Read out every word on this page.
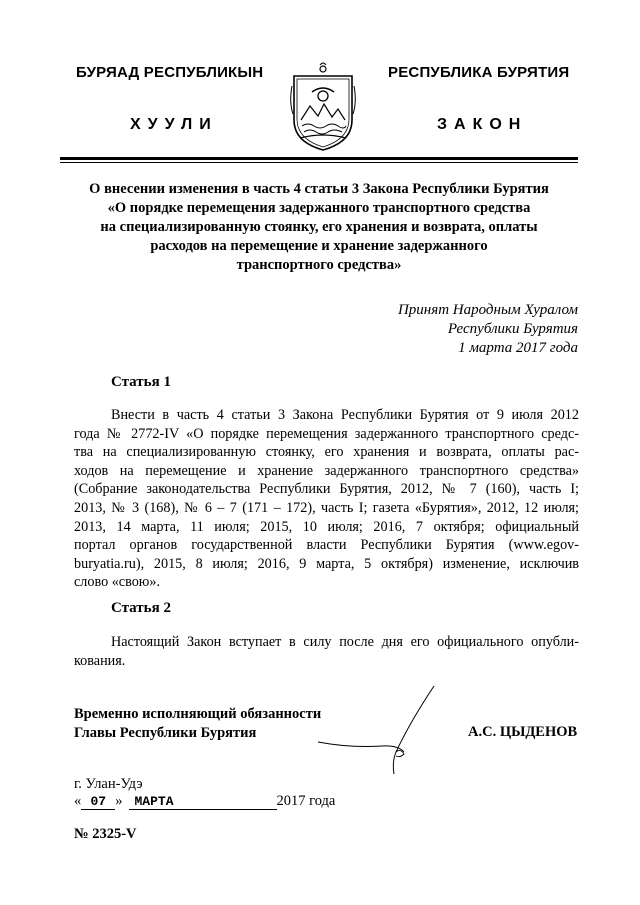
БУРЯАД РЕСПУБЛИКЫН	РЕСПУБЛИКА БУРЯТИЯ
ХУУЛИ	ЗАКОН
О внесении изменения в часть 4 статьи 3 Закона Республики Бурятия
«О порядке перемещения задержанного транспортного средства
на специализированную стоянку, его хранения и возврата, оплаты
расходов на перемещение и хранение задержанного
транспортного средства»
Принят Народным Хуралом
Республики Бурятия
1 марта 2017 года
Статья 1
Внести в часть 4 статьи 3 Закона Республики Бурятия от 9 июля 2012
года № 2772-IV «О порядке перемещения задержанного транспортного средс-
тва на специализированную стоянку, его хранения и возврата, оплаты рас-
ходов на перемещение и хранение задержанного транспортного средства»
(Собрание законодательства Республики Бурятия, 2012, № 7 (160), часть I;
2013, № 3 (168), № 6 – 7 (171 – 172), часть I; газета «Бурятия», 2012, 12 июля;
2013, 14 марта, 11 июля; 2015, 10 июля; 2016, 7 октября; официальный
портал органов государственной власти Республики Бурятия (www.egov-
buryatia.ru), 2015, 8 июля; 2016, 9 марта, 5 октября) изменение, исключив
слово «свою».
Статья 2
Настоящий Закон вступает в силу после дня его официального опубли-
кования.
Временно исполняющий обязанности
Главы Республики Бурятия	А.С. ЦЫДЕНОВ
г. Улан-Удэ
« 07 » МАРТА	2017 года
№ 2325-V
